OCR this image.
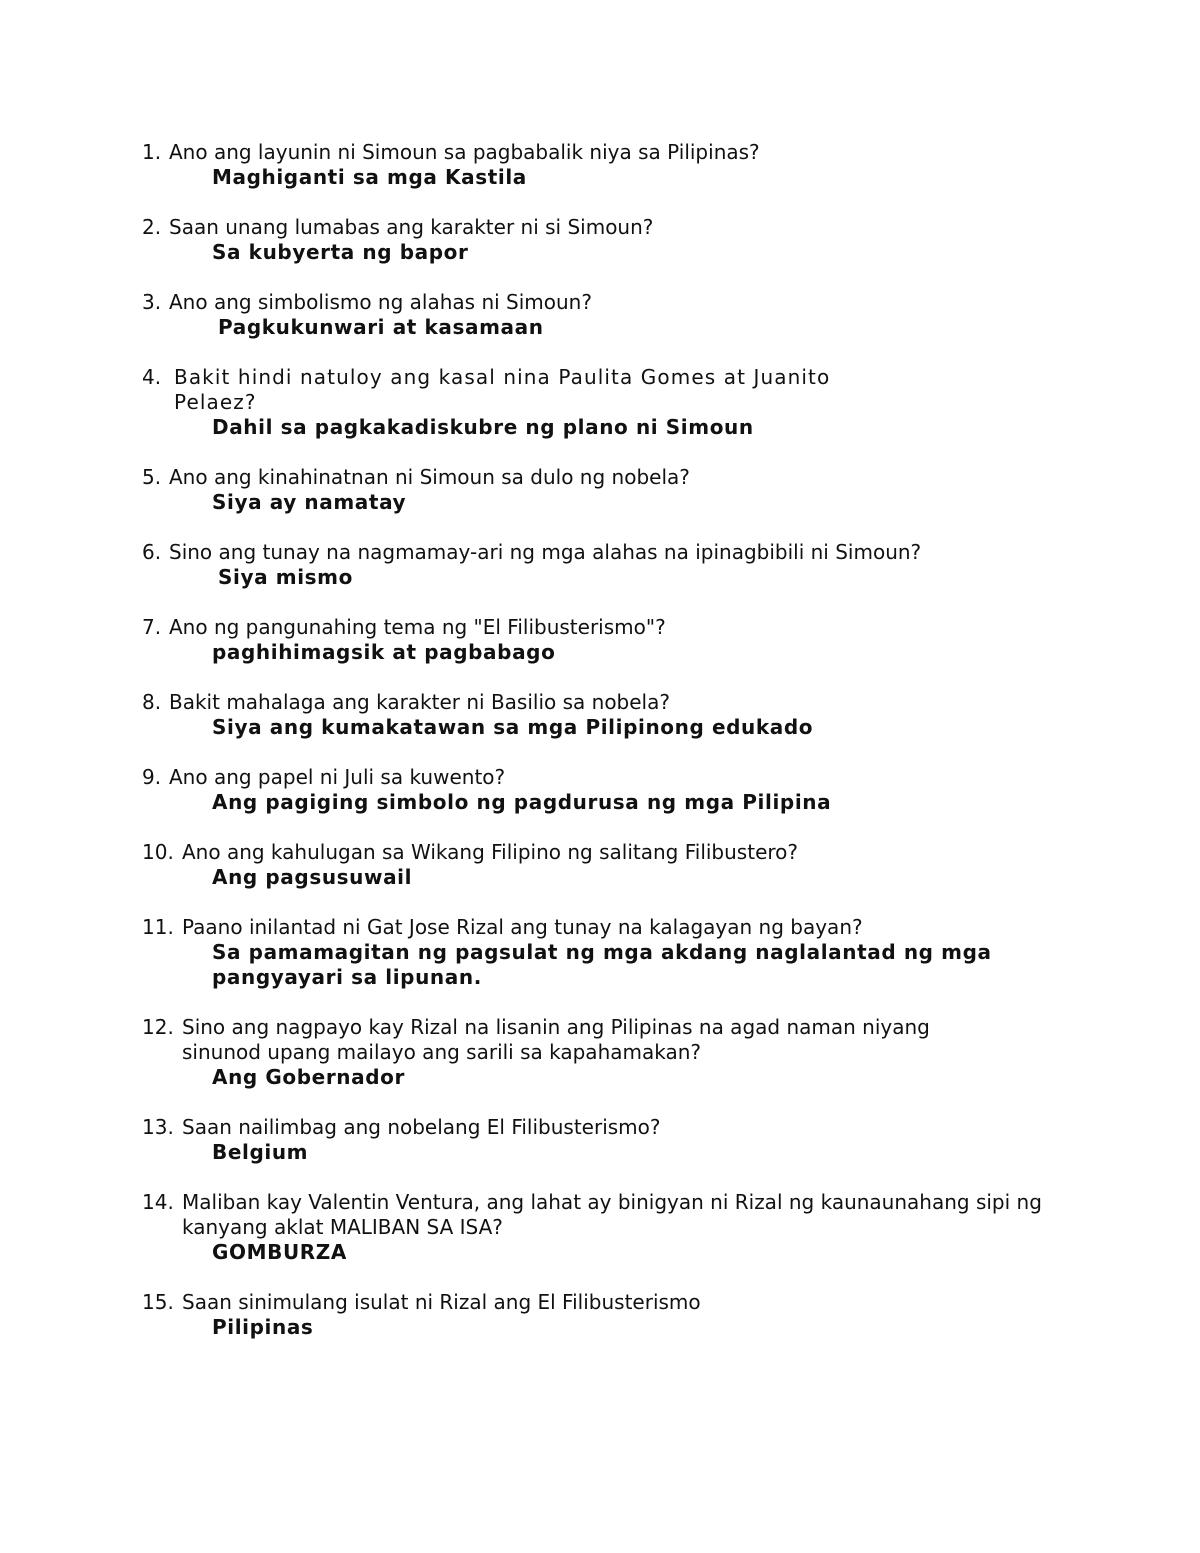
1. Ano ang layunin ni Simoun sa pagbabalik niya sa Pilipinas?
Maghiganti sa mga Kastila
2. Saan unang lumabas ang karakter ni si Simoun?
Sa kubyerta ng bapor
3. Ano ang simbolismo ng alahas ni Simoun?
Pagkukunwari at kasamaan
4. Bakit hindi natuloy ang kasal nina Paulita Gomes at Juanito Pelaez?
Dahil sa pagkakadiskubre ng plano ni Simoun
5. Ano ang kinahinatnan ni Simoun sa dulo ng nobela?
Siya ay namatay
6. Sino ang tunay na nagmamay-ari ng mga alahas na ipinagbibili ni Simoun?
Siya mismo
7. Ano ng pangunahing tema ng "El Filibusterismo"?
paghihimagsik at pagbabago
8. Bakit mahalaga ang karakter ni Basilio sa nobela?
Siya ang kumakatawan sa mga Pilipinong edukado
9. Ano ang papel ni Juli sa kuwento?
Ang pagiging simbolo ng pagdurusa ng mga Pilipina
10. Ano ang kahulugan sa Wikang Filipino ng salitang Filibustero?
Ang pagsusuwail
11. Paano inilantad ni Gat Jose Rizal ang tunay na kalagayan ng bayan?
Sa pamamagitan ng pagsulat ng mga akdang naglalantad ng mga pangyayari sa lipunan.
12. Sino ang nagpayo kay Rizal na lisanin ang Pilipinas na agad naman niyang sinunod upang mailayo ang sarili sa kapahamakan?
Ang Gobernador
13. Saan nailimbag ang nobelang El Filibusterismo?
Belgium
14. Maliban kay Valentin Ventura, ang lahat ay binigyan ni Rizal ng kaunaunahang sipi ng kanyang aklat MALIBAN SA ISA?
GOMBURZA
15. Saan sinimulang isulat ni Rizal ang El Filibusterismo
Pilipinas
